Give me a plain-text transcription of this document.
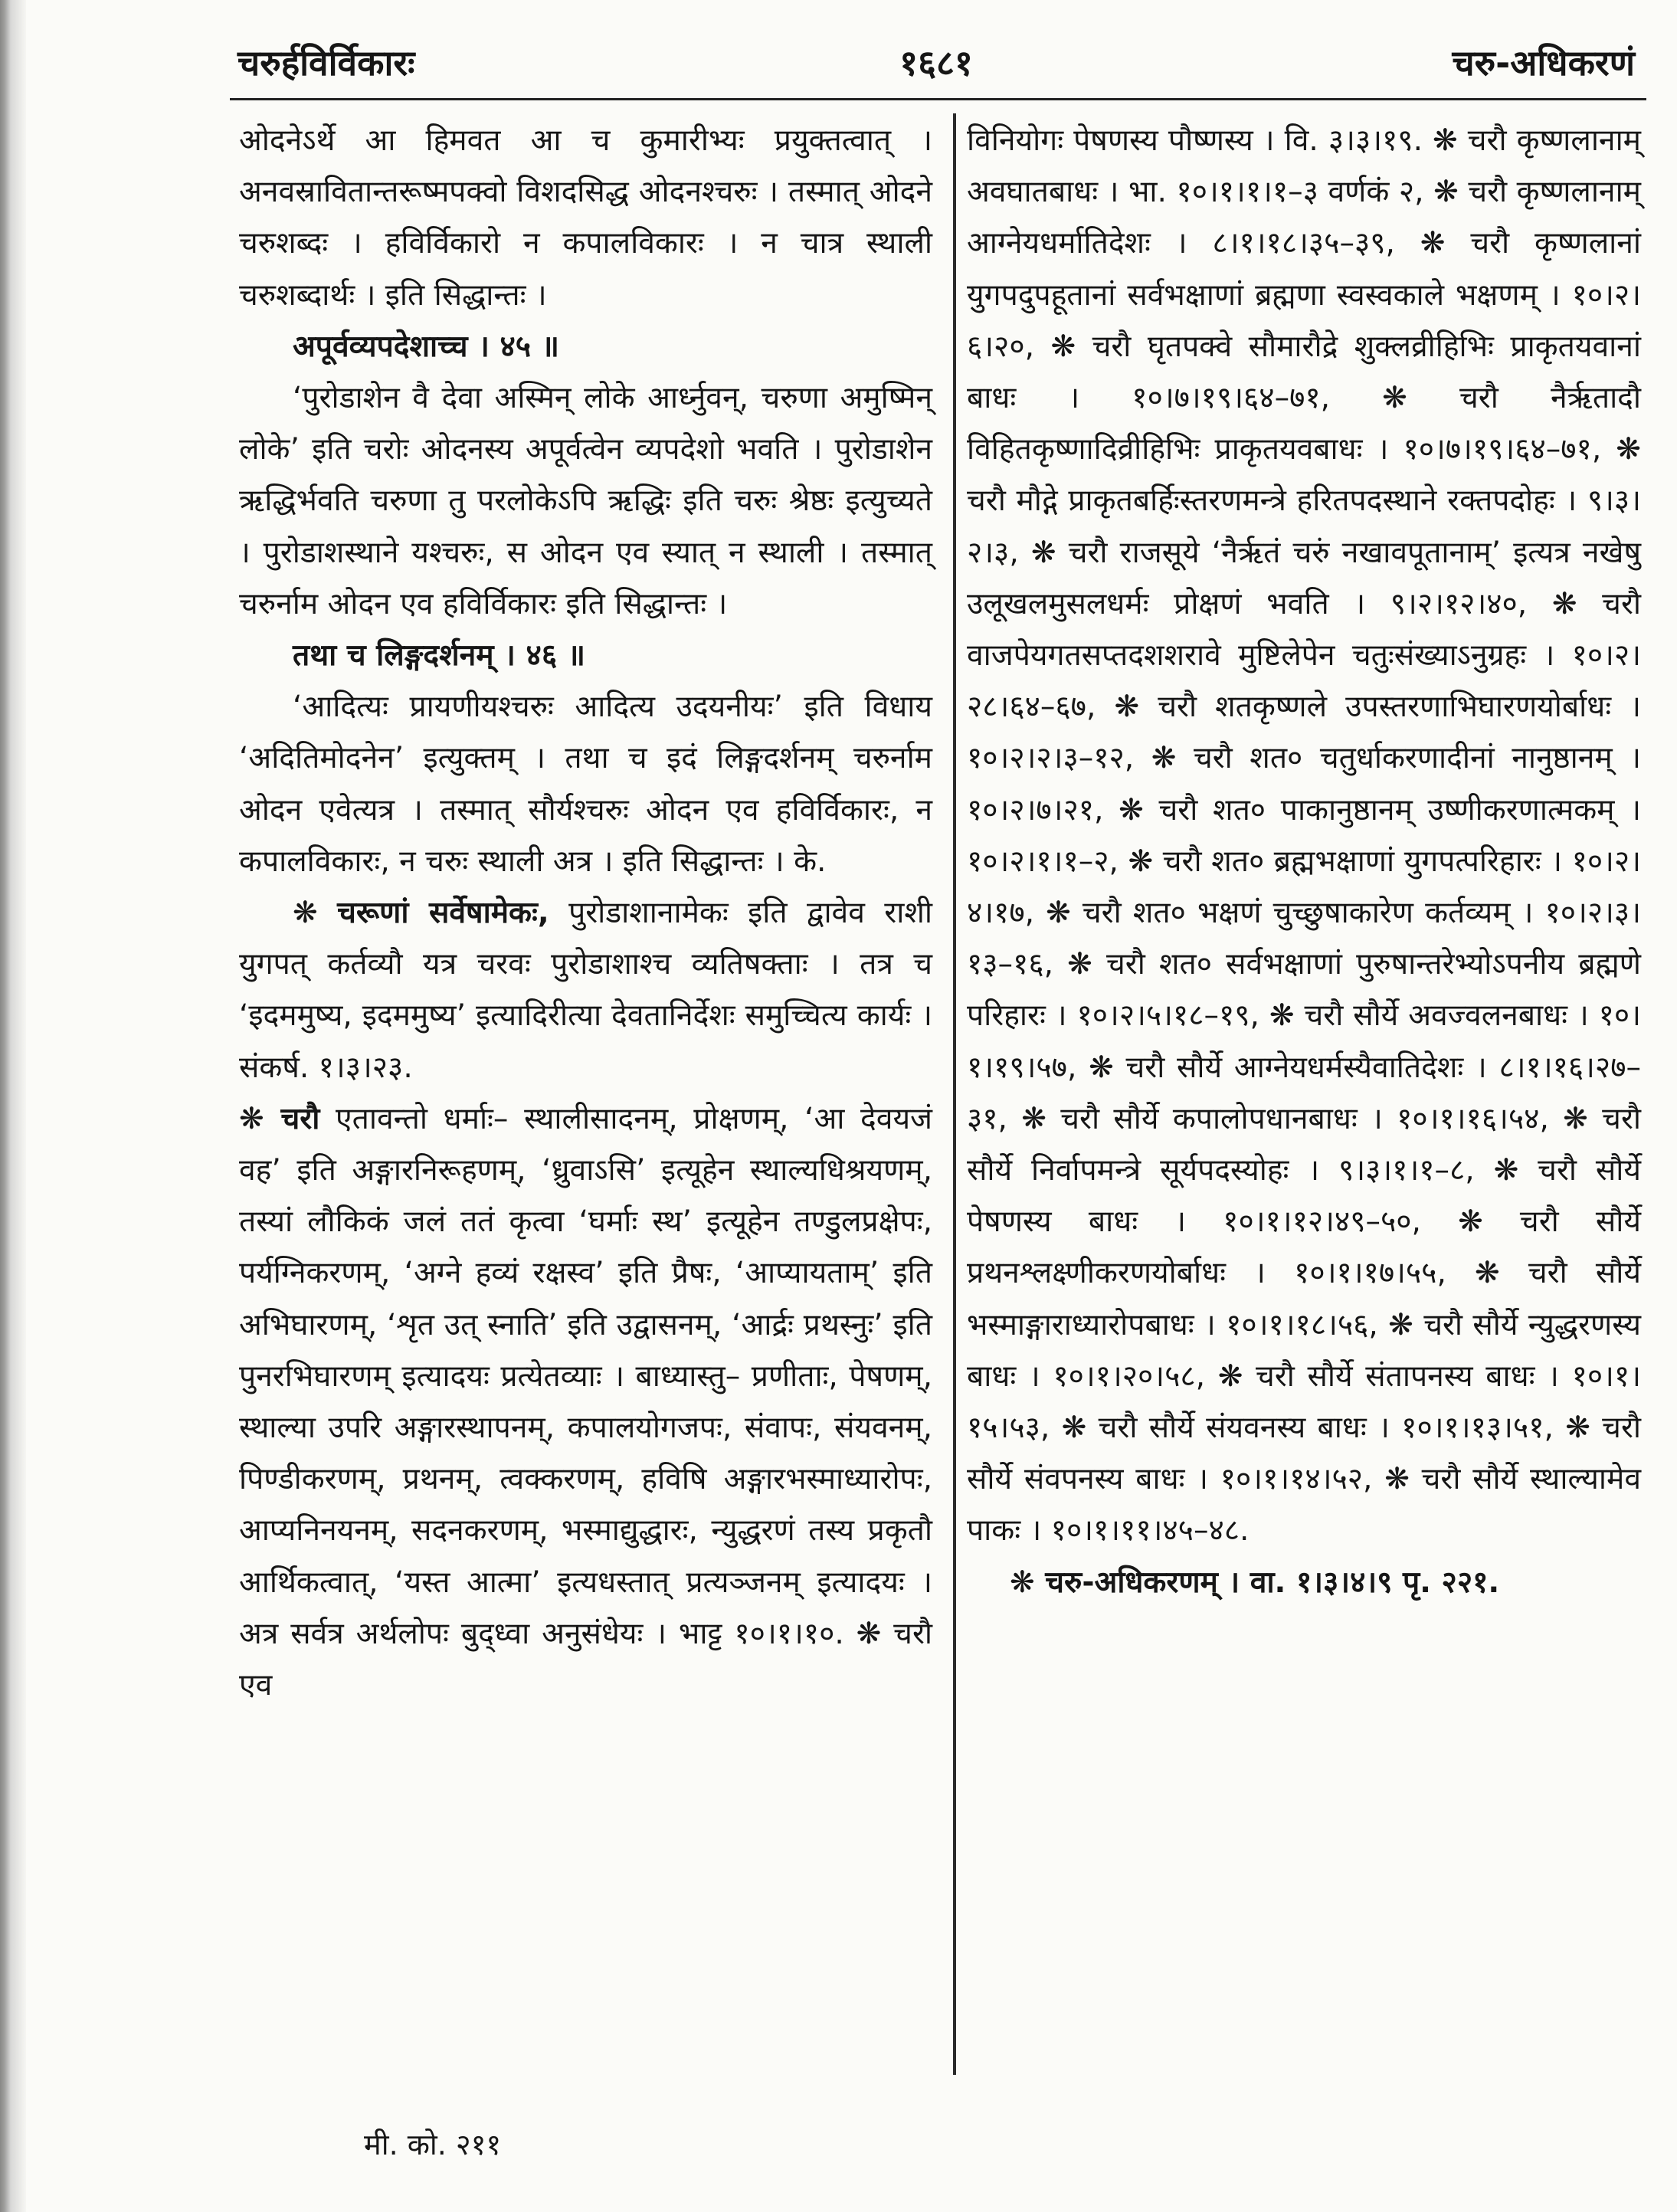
चरुर्हविर्विकारः	१६८१	चरु-अधिकरणं

ओदनेऽर्थे आ हिमवत आ च कुमारीभ्यः प्रयुक्तत्वात् । अनवस्रावितान्तरूष्मपक्वो विशदसिद्ध ओदनश्चरुः । तस्मात् ओदने चरुशब्दः । हविर्विकारो न कपालविकारः । न चात्र स्थाली चरुशब्दार्थः । इति सिद्धान्तः ।

अपूर्वव्यपदेशाच्च । ४५ ॥

‘पुरोडाशेन वै देवा अस्मिन् लोके आर्ध्नुवन्, चरुणा अमुष्मिन् लोके’ इति चरोः ओदनस्य अपूर्वत्वेन व्यपदेशो भवति । पुरोडाशेन ऋद्धिर्भवति चरुणा तु परलोकेऽपि ऋद्धिः इति चरुः श्रेष्ठः इत्युच्यते । पुरोडाशस्थाने यश्चरुः, स ओदन एव स्यात् न स्थाली । तस्मात् चरुर्नाम ओदन एव हविर्विकारः इति सिद्धान्तः ।

तथा च लिङ्गदर्शनम् । ४६ ॥

‘आदित्यः प्रायणीयश्चरुः आदित्य उदयनीयः’ इति विधाय ‘अदितिमोदनेन’ इत्युक्तम् । तथा च इदं लिङ्गदर्शनम् चरुर्नाम ओदन एवेत्यत्र । तस्मात् सौर्यश्चरुः ओदन एव हविर्विकारः, न कपालविकारः, न चरुः स्थाली अत्र । इति सिद्धान्तः । के.

❋ चरूणां सर्वेषामेकः, पुरोडाशानामेकः इति द्वावेव राशी युगपत् कर्तव्यौ यत्र चरवः पुरोडाशाश्च व्यतिषक्ताः । तत्र च ‘इदममुष्य, इदममुष्य’ इत्यादिरीत्या देवतानिर्देशः समुच्चित्य कार्यः । संकर्ष. १।३।२३.

❋ चरौ एतावन्तो धर्माः– स्थालीसादनम्, प्रोक्षणम्, ‘आ देवयजं वह’ इति अङ्गारनिरूहणम्, ‘ध्रुवाऽसि’ इत्यूहेन स्थाल्यधिश्रयणम्, तस्यां लौकिकं जलं ततं कृत्वा ‘घर्माः स्थ’ इत्यूहेन तण्डुलप्रक्षेपः, पर्यग्निकरणम्, ‘अग्ने हव्यं रक्षस्व’ इति प्रैषः, ‘आप्यायताम्’ इति अभिघारणम्, ‘शृत उत् स्नाति’ इति उद्वासनम्, ‘आर्द्रः प्रथस्नुः’ इति पुनरभिघारणम् इत्यादयः प्रत्येतव्याः । बाध्यास्तु– प्रणीताः, पेषणम्, स्थाल्या उपरि अङ्गारस्थापनम्, कपालयोगजपः, संवापः, संयवनम्, पिण्डीकरणम्, प्रथनम्, त्वक्करणम्, हविषि अङ्गारभस्माध्यारोपः, आप्यनिनयनम्, सदनकरणम्, भस्माद्युद्धारः, न्युद्धरणं तस्य प्रकृतौ आर्थिकत्वात्, ‘यस्त आत्मा’ इत्यधस्तात् प्रत्यञ्जनम् इत्यादयः । अत्र सर्वत्र अर्थलोपः बुद्ध्वा अनुसंधेयः । भाट्ट १०।१।१०. ❋ चरौ एव

विनियोगः पेषणस्य पौष्णस्य । वि. ३।३।१९. ❋ चरौ कृष्णलानाम् अवघातबाधः । भा. १०।१।१।१–३ वर्णकं २, ❋ चरौ कृष्णलानाम् आग्नेयधर्मातिदेशः । ८।१।१८।३५–३९, ❋ चरौ कृष्णलानां युगपदुपहूतानां सर्वभक्षाणां ब्रह्मणा स्वस्वकाले भक्षणम् । १०।२।६।२०, ❋ चरौ घृतपक्वे सौमारौद्रे शुक्लव्रीहिभिः प्राकृतयवानां बाधः । १०।७।१९।६४–७१, ❋ चरौ नैर्ऋतादौ विहितकृष्णादिव्रीहिभिः प्राकृतयवबाधः । १०।७।१९।६४–७१, ❋ चरौ मौद्गे प्राकृतबर्हिःस्तरणमन्त्रे हरितपदस्थाने रक्तपदोहः । ९।३।२।३, ❋ चरौ राजसूये ‘नैर्ऋतं चरुं नखावपूतानाम्’ इत्यत्र नखेषु उलूखलमुसलधर्मः प्रोक्षणं भवति । ९।२।१२।४०, ❋ चरौ वाजपेयगतसप्तदशशरावे मुष्टिलेपेन चतुःसंख्याऽनुग्रहः । १०।२।२८।६४–६७, ❋ चरौ शतकृष्णले उपस्तरणाभिघारणयोर्बाधः । १०।२।२।३–१२, ❋ चरौ शत० चतुर्धाकरणादीनां नानुष्ठानम् । १०।२।७।२१, ❋ चरौ शत० पाकानुष्ठानम् उष्णीकरणात्मकम् । १०।२।१।१–२, ❋ चरौ शत० ब्रह्मभक्षाणां युगपत्परिहारः । १०।२।४।१७, ❋ चरौ शत० भक्षणं चुच्छुषाकारेण कर्तव्यम् । १०।२।३।१३–१६, ❋ चरौ शत० सर्वभक्षाणां पुरुषान्तरेभ्योऽपनीय ब्रह्मणे परिहारः । १०।२।५।१८–१९, ❋ चरौ सौर्ये अवज्वलनबाधः । १०।१।१९।५७, ❋ चरौ सौर्ये आग्नेयधर्मस्यैवातिदेशः । ८।१।१६।२७–३१, ❋ चरौ सौर्ये कपालोपधानबाधः । १०।१।१६।५४, ❋ चरौ सौर्ये निर्वापमन्त्रे सूर्यपदस्योहः । ९।३।१।१–८, ❋ चरौ सौर्ये पेषणस्य बाधः । १०।१।१२।४९–५०, ❋ चरौ सौर्ये प्रथनश्लक्ष्णीकरणयोर्बाधः । १०।१।१७।५५, ❋ चरौ सौर्ये भस्माङ्गाराध्यारोपबाधः । १०।१।१८।५६, ❋ चरौ सौर्ये न्युद्धरणस्य बाधः । १०।१।२०।५८, ❋ चरौ सौर्ये संतापनस्य बाधः । १०।१।१५।५३, ❋ चरौ सौर्ये संयवनस्य बाधः । १०।१।१३।५१, ❋ चरौ सौर्ये संवपनस्य बाधः । १०।१।१४।५२, ❋ चरौ सौर्ये स्थाल्यामेव पाकः । १०।१।११।४५–४८.

❋ चरु-अधिकरणम् । वा. १।३।४।९ पृ. २२१.

मी. को. २११
